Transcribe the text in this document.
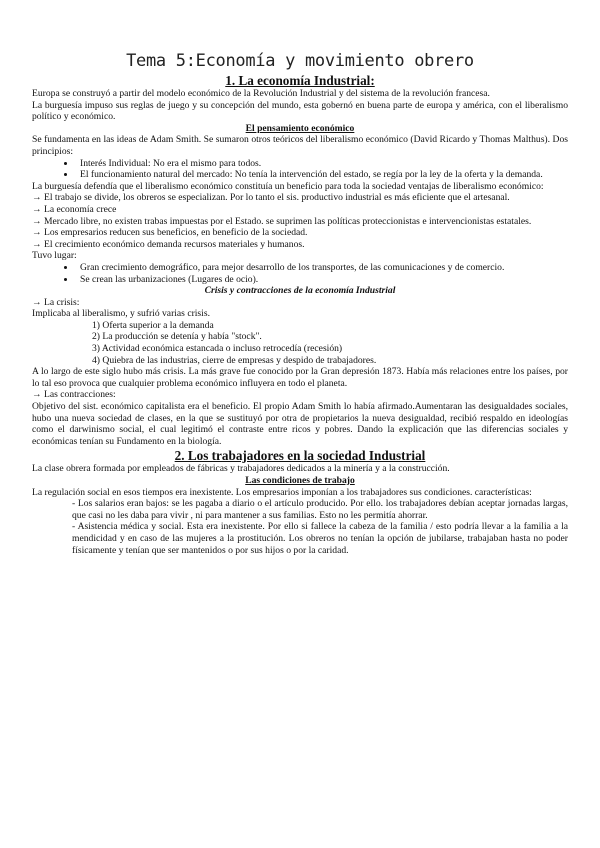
Tema 5:Economía y movimiento obrero
1. La economía Industrial:

Europa se construyó a partir del modelo económico de la Revolución Industrial y del sistema de la revolución francesa.

La burguesía impuso sus reglas de juego y su concepción del mundo, esta gobernó en buena parte de europa y américa, con el liberalismo político y económico.

El pensamiento económico

Se fundamenta en las ideas de Adam Smith. Se sumaron otros teóricos del liberalismo económico (David Ricardo y Thomas Malthus). Dos principios:

• Interés Individual: No era el mismo para todos.
• El funcionamiento natural del mercado: No tenía la intervención del estado, se regía por la ley de la oferta y la demanda.

La burguesía defendía que el liberalismo económico constituía un beneficio para toda la sociedad ventajas de liberalismo económico:

→ El trabajo se divide, los obreros se especializan. Por lo tanto el sis. productivo industrial es más eficiente que el artesanal.

→ La economía crece

→ Mercado libre, no existen trabas impuestas por el Estado. se suprimen las políticas proteccionistas e intervencionistas estatales.

→ Los empresarios reducen sus beneficios, en beneficio de la sociedad.

→ El crecimiento económico demanda recursos materiales y humanos.

Tuvo lugar:

• Gran crecimiento demográfico, para mejor desarrollo de los transportes, de las comunicaciones y de comercio.
• Se crean las urbanizaciones (Lugares de ocio).
Crisis y contracciones de la economía Industrial

→ La crisis:

Implicaba al liberalismo, y sufrió varias crisis.

1) Oferta superior a la demanda
2) La producción se detenía y había "stock".
3) Actividad económica estancada o incluso retrocedía (recesión)
4) Quiebra de las industrias, cierre de empresas y despido de trabajadores.

A lo largo de este siglo hubo más crisis. La más grave fue conocido por la Gran depresión 1873. Había más relaciones entre los países, por lo tal eso provoca que cualquier problema económico influyera en todo el planeta.

→ Las contracciones:

Objetivo del sist. económico capitalista era el beneficio. El propio Adam Smith lo había afirmado.Aumentaran las desigualdades sociales, hubo una nueva sociedad de clases, en la que se sustituyó por otra de propietarios la nueva desigualdad, recibió respaldo en ideologías como el darwinismo social, el cual legitimó el contraste entre ricos y pobres. Dando la explicación que las diferencias sociales y económicas tenían su Fundamento en la biología.

2. Los trabajadores en la sociedad Industrial

La clase obrera formada por empleados de fábricas y trabajadores dedicados a la minería y a la construcción.

Las condiciones de trabajo

La regulación social en esos tiempos era inexistente. Los empresarios imponían a los trabajadores sus condiciones. características:

- Los salarios eran bajos: se les pagaba a diario o el artículo producido. Por ello. los trabajadores debían aceptar jornadas largas, que casi no les daba para vivir , ni para mantener a sus familias. Esto no les permitía ahorrar.
- Asistencia médica y social. Esta era inexistente. Por ello si fallece la cabeza de la familia / esto podría llevar a la familia a la mendicidad y en caso de las mujeres a la prostitución. Los obreros no tenían la opción de jubilarse, trabajaban hasta no poder físicamente y tenían que ser mantenidos o por sus hijos o por la caridad.
